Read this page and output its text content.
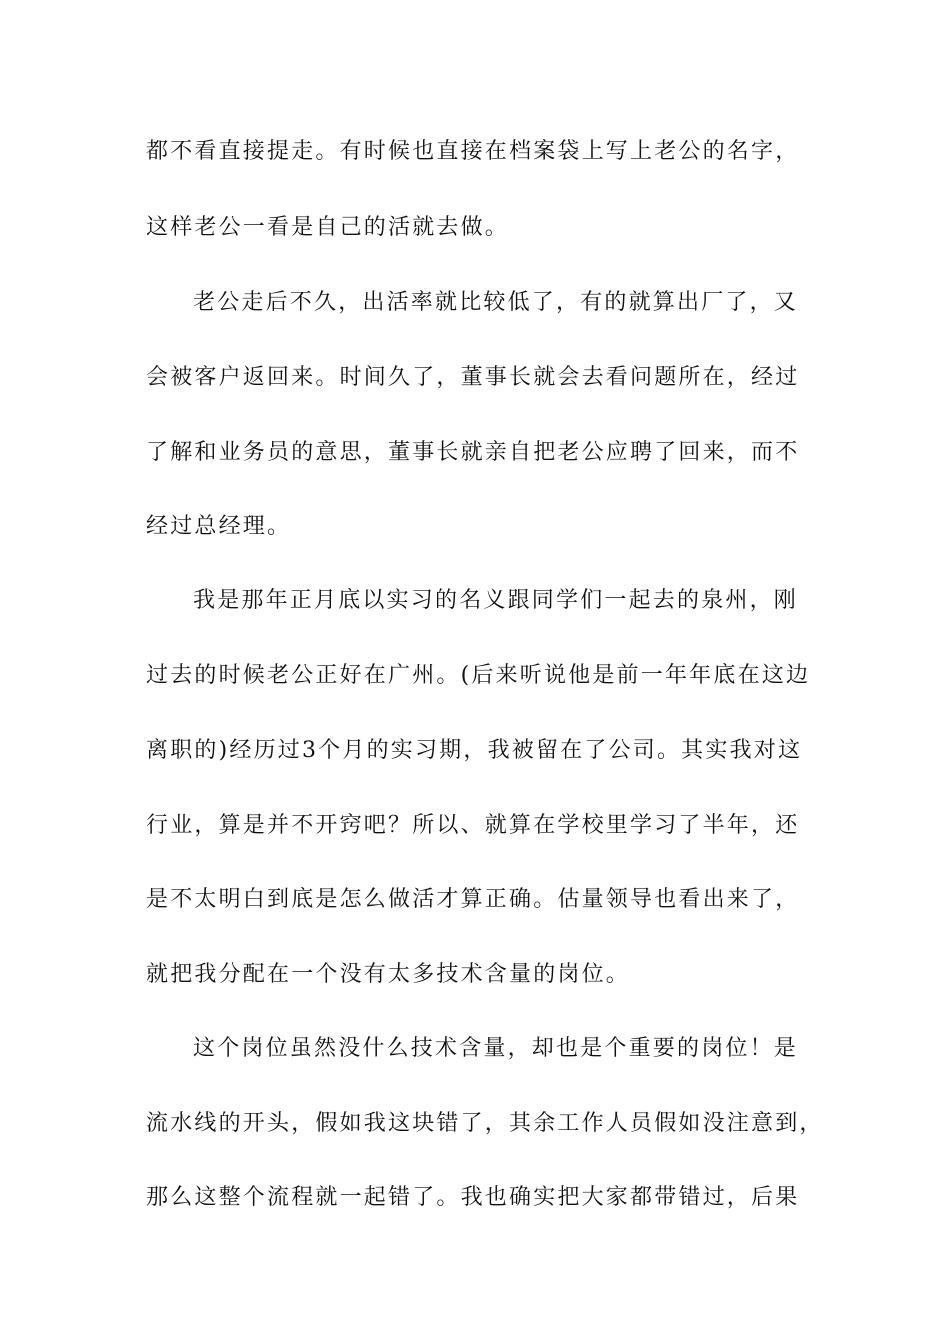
都不看直接提走。有时候也直接在档案袋上写上老公的名字，
这样老公一看是自己的活就去做。
老公走后不久，出活率就比较低了，有的就算出厂了，又
会被客户返回来。时间久了，董事长就会去看问题所在，经过
了解和业务员的意思，董事长就亲自把老公应聘了回来，而不
经过总经理。
我是那年正月底以实习的名义跟同学们一起去的泉州，刚
过去的时候老公正好在广州。(后来听说他是前一年年底在这边
离职的)经历过3个月的实习期，我被留在了公司。其实我对这
行业，算是并不开窍吧？所以、就算在学校里学习了半年，还
是不太明白到底是怎么做活才算正确。估量领导也看出来了，
就把我分配在一个没有太多技术含量的岗位。
这个岗位虽然没什么技术含量，却也是个重要的岗位！是
流水线的开头，假如我这块错了，其余工作人员假如没注意到，
那么这整个流程就一起错了。我也确实把大家都带错过，后果
